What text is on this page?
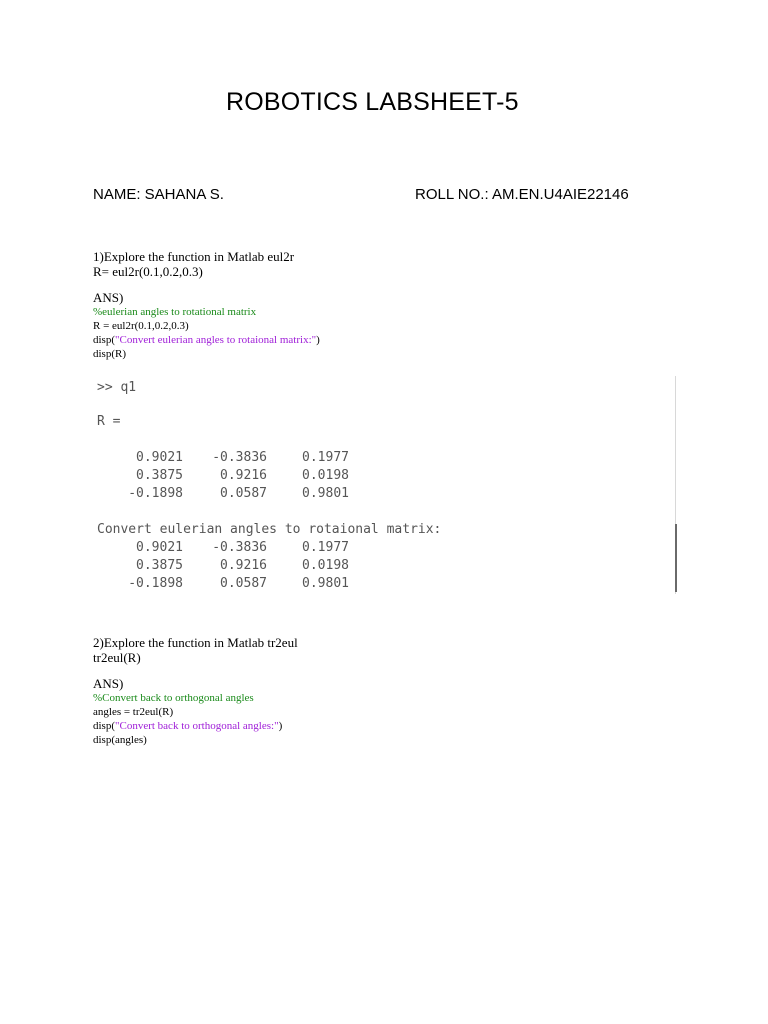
ROBOTICS LABSHEET-5
NAME: SAHANA S.	ROLL NO.: AM.EN.U4AIE22146
1)Explore the function in Matlab eul2r
R= eul2r(0.1,0.2,0.3)
ANS)
%eulerian angles to rotational matrix
R = eul2r(0.1,0.2,0.3)
disp("Convert eulerian angles to rotaional matrix:")
disp(R)
>> q1
R =
0.9021	-0.3836	0.1977
0.3875	0.9216	0.0198
-0.1898	0.0587	0.9801
Convert eulerian angles to rotaional matrix:
0.9021	-0.3836	0.1977
0.3875	0.9216	0.0198
-0.1898	0.0587	0.9801
2)Explore the function in Matlab tr2eul
tr2eul(R)
ANS)
%Convert back to orthogonal angles
angles = tr2eul(R)
disp("Convert back to orthogonal angles:")
disp(angles)
